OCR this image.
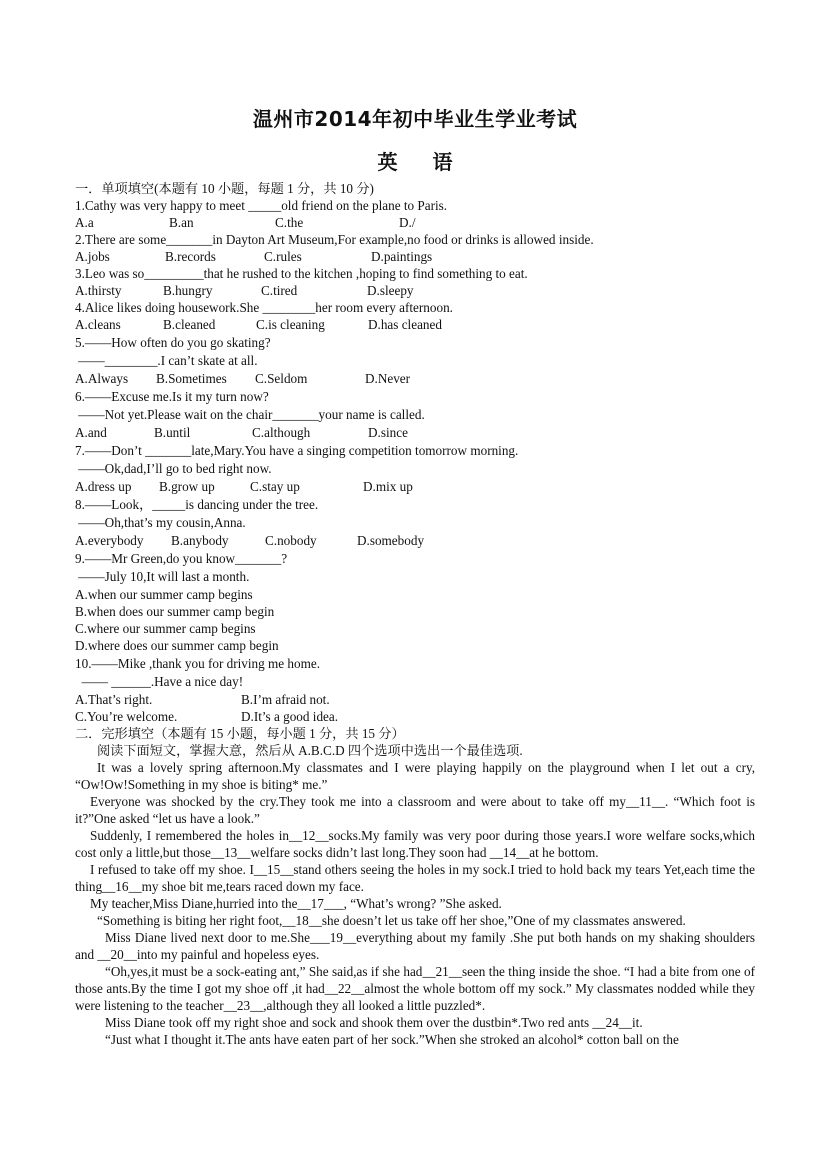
温州市2014年初中毕业生学业考试
英 语
一．单项填空(本题有 10 小题，每题 1 分，共 10 分)
1.Cathy was very happy to meet _____old friend on the plane to Paris.
A.a	B.an	C.the	D./
2.There are some_______in Dayton Art Museum,For example,no food or drinks is allowed inside.
A.jobs	B.records	C.rules	D.paintings
3.Leo was so_________that he rushed to the kitchen ,hoping to find something to eat.
A.thirsty	B.hungry	C.tired	D.sleepy
4.Alice likes doing housework.She ________her room every afternoon.
A.cleans	B.cleaned	C.is cleaning	D.has cleaned
5.——How often do you go skating?
——________.I can’t skate at all.
A.Always	B.Sometimes	C.Seldom	D.Never
6.——Excuse me.Is it my turn now?
——Not yet.Please wait on the chair_______your name is called.
A.and	B.until	C.although	D.since
7.——Don’t _______late,Mary.You have a singing competition tomorrow morning.
——Ok,dad,I’ll go to bed right now.
A.dress up	B.grow up	C.stay up	D.mix up
8.——Look，_____is dancing under the tree.
——Oh,that’s my cousin,Anna.
A.everybody	B.anybody	C.nobody	D.somebody
9.——Mr Green,do you know_______?
——July 10,It will last a month.
A.when our summer camp begins
B.when does our summer camp begin
C.where our summer camp begins
D.where does our summer camp begin
10.——Mike ,thank you for driving me home.
—— ______.Have a nice day!
A.That’s right.	B.I’m afraid not.
C.You’re welcome.	D.It’s a good idea.
二．完形填空（本题有 15 小题，每小题 1 分，共 15 分）
阅读下面短文，掌握大意，然后从 A.B.C.D 四个选项中选出一个最佳选项.
It was a lovely spring afternoon.My classmates and I were playing happily on the playground when I let out a cry, “Ow!Ow!Something in my shoe is biting* me.”
Everyone was shocked by the cry.They took me into a classroom and were about to take off my__11__. “Which foot is it?”One asked “let us have a look.”
Suddenly, I remembered the holes in__12__socks.My family was very poor during those years.I wore welfare socks,which cost only a little,but those__13__welfare socks didn’t last long.They soon had __14__at he bottom.
I refused to take off my shoe. I__15__stand others seeing the holes in my sock.I tried to hold back my tears Yet,each time the thing__16__my shoe bit me,tears raced down my face.
My teacher,Miss Diane,hurried into the__17___, “What’s wrong? ”She asked.
“Something is biting her right foot,__18__she doesn’t let us take off her shoe,”One of my classmates answered.
Miss Diane lived next door to me.She___19__everything about my family .She put both hands on my shaking shoulders and __20__into my painful and hopeless eyes.
“Oh,yes,it must be a sock-eating ant,” She said,as if she had__21__seen the thing inside the shoe. “I had a bite from one of those ants.By the time I got my shoe off ,it had__22__almost the whole bottom off my sock.” My classmates nodded while they were listening to the teacher__23__,although they all looked a little puzzled*.
Miss Diane took off my right shoe and sock and shook them over the dustbin*.Two red ants __24__it.
“Just what I thought it.The ants have eaten part of her sock.”When she stroked an alcohol* cotton ball on the
